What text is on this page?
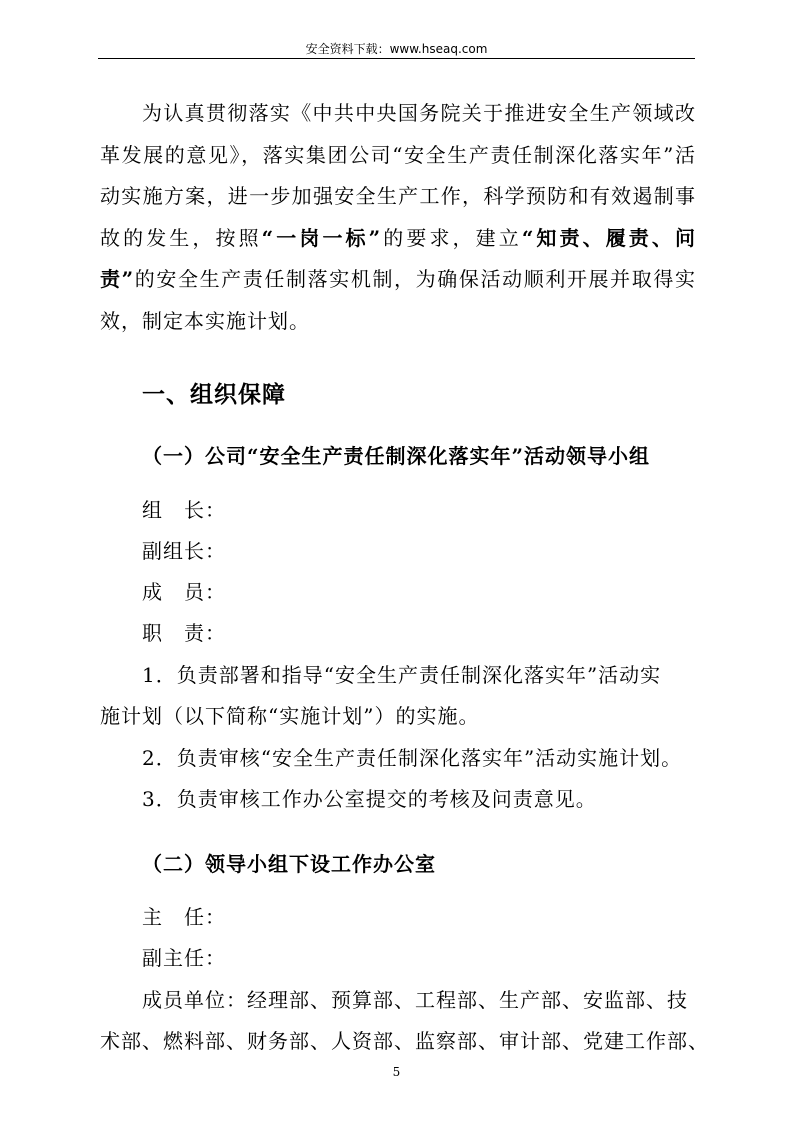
安全资料下载：www.hseaq.com

为认真贯彻落实《中共中央国务院关于推进安全生产领域改革发展的意见》，落实集团公司“安全生产责任制深化落实年”活动实施方案，进一步加强安全生产工作，科学预防和有效遏制事故的发生，按照“一岗一标”的要求，建立“知责、履责、问责”的安全生产责任制落实机制，为确保活动顺利开展并取得实效，制定本实施计划。

一、组织保障
（一）公司“安全生产责任制深化落实年”活动领导小组
组　长：
副组长：
成　员：
职　责：
1．负责部署和指导“安全生产责任制深化落实年”活动实
施计划（以下简称“实施计划”）的实施。
2．负责审核“安全生产责任制深化落实年”活动实施计划。
3．负责审核工作办公室提交的考核及问责意见。
（二）领导小组下设工作办公室
主　任：
副主任：
成员单位：经理部、预算部、工程部、生产部、安监部、技
术部、燃料部、财务部、人资部、监察部、审计部、党建工作部、
5
